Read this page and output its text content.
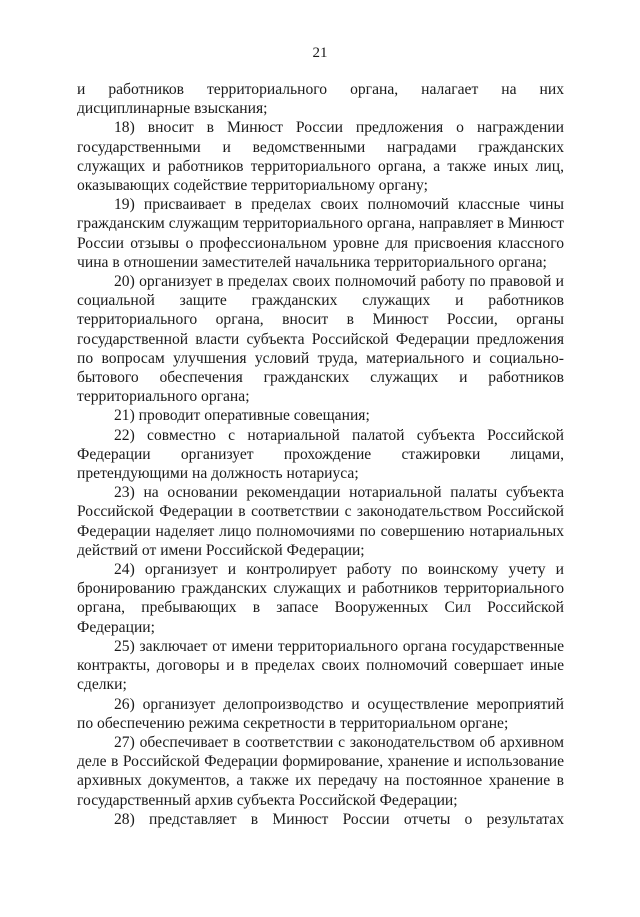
21

и работников территориального органа, налагает на них дисциплинарные взыскания;

18) вносит в Минюст России предложения о награждении государственными и ведомственными наградами гражданских служащих и работников территориального органа, а также иных лиц, оказывающих содействие территориальному органу;

19) присваивает в пределах своих полномочий классные чины гражданским служащим территориального органа, направляет в Минюст России отзывы о профессиональном уровне для присвоения классного чина в отношении заместителей начальника территориального органа;

20) организует в пределах своих полномочий работу по правовой и социальной защите гражданских служащих и работников территориального органа, вносит в Минюст России, органы государственной власти субъекта Российской Федерации предложения по вопросам улучшения условий труда, материального и социально-бытового обеспечения гражданских служащих и работников территориального органа;

21) проводит оперативные совещания;

22) совместно с нотариальной палатой субъекта Российской Федерации организует прохождение стажировки лицами, претендующими на должность нотариуса;

23) на основании рекомендации нотариальной палаты субъекта Российской Федерации в соответствии с законодательством Российской Федерации наделяет лицо полномочиями по совершению нотариальных действий от имени Российской Федерации;

24) организует и контролирует работу по воинскому учету и бронированию гражданских служащих и работников территориального органа, пребывающих в запасе Вооруженных Сил Российской Федерации;

25) заключает от имени территориального органа государственные контракты, договоры и в пределах своих полномочий совершает иные сделки;

26) организует делопроизводство и осуществление мероприятий по обеспечению режима секретности в территориальном органе;

27) обеспечивает в соответствии с законодательством об архивном деле в Российской Федерации формирование, хранение и использование архивных документов, а также их передачу на постоянное хранение в государственный архив субъекта Российской Федерации;

28) представляет в Минюст России отчеты о результатах
